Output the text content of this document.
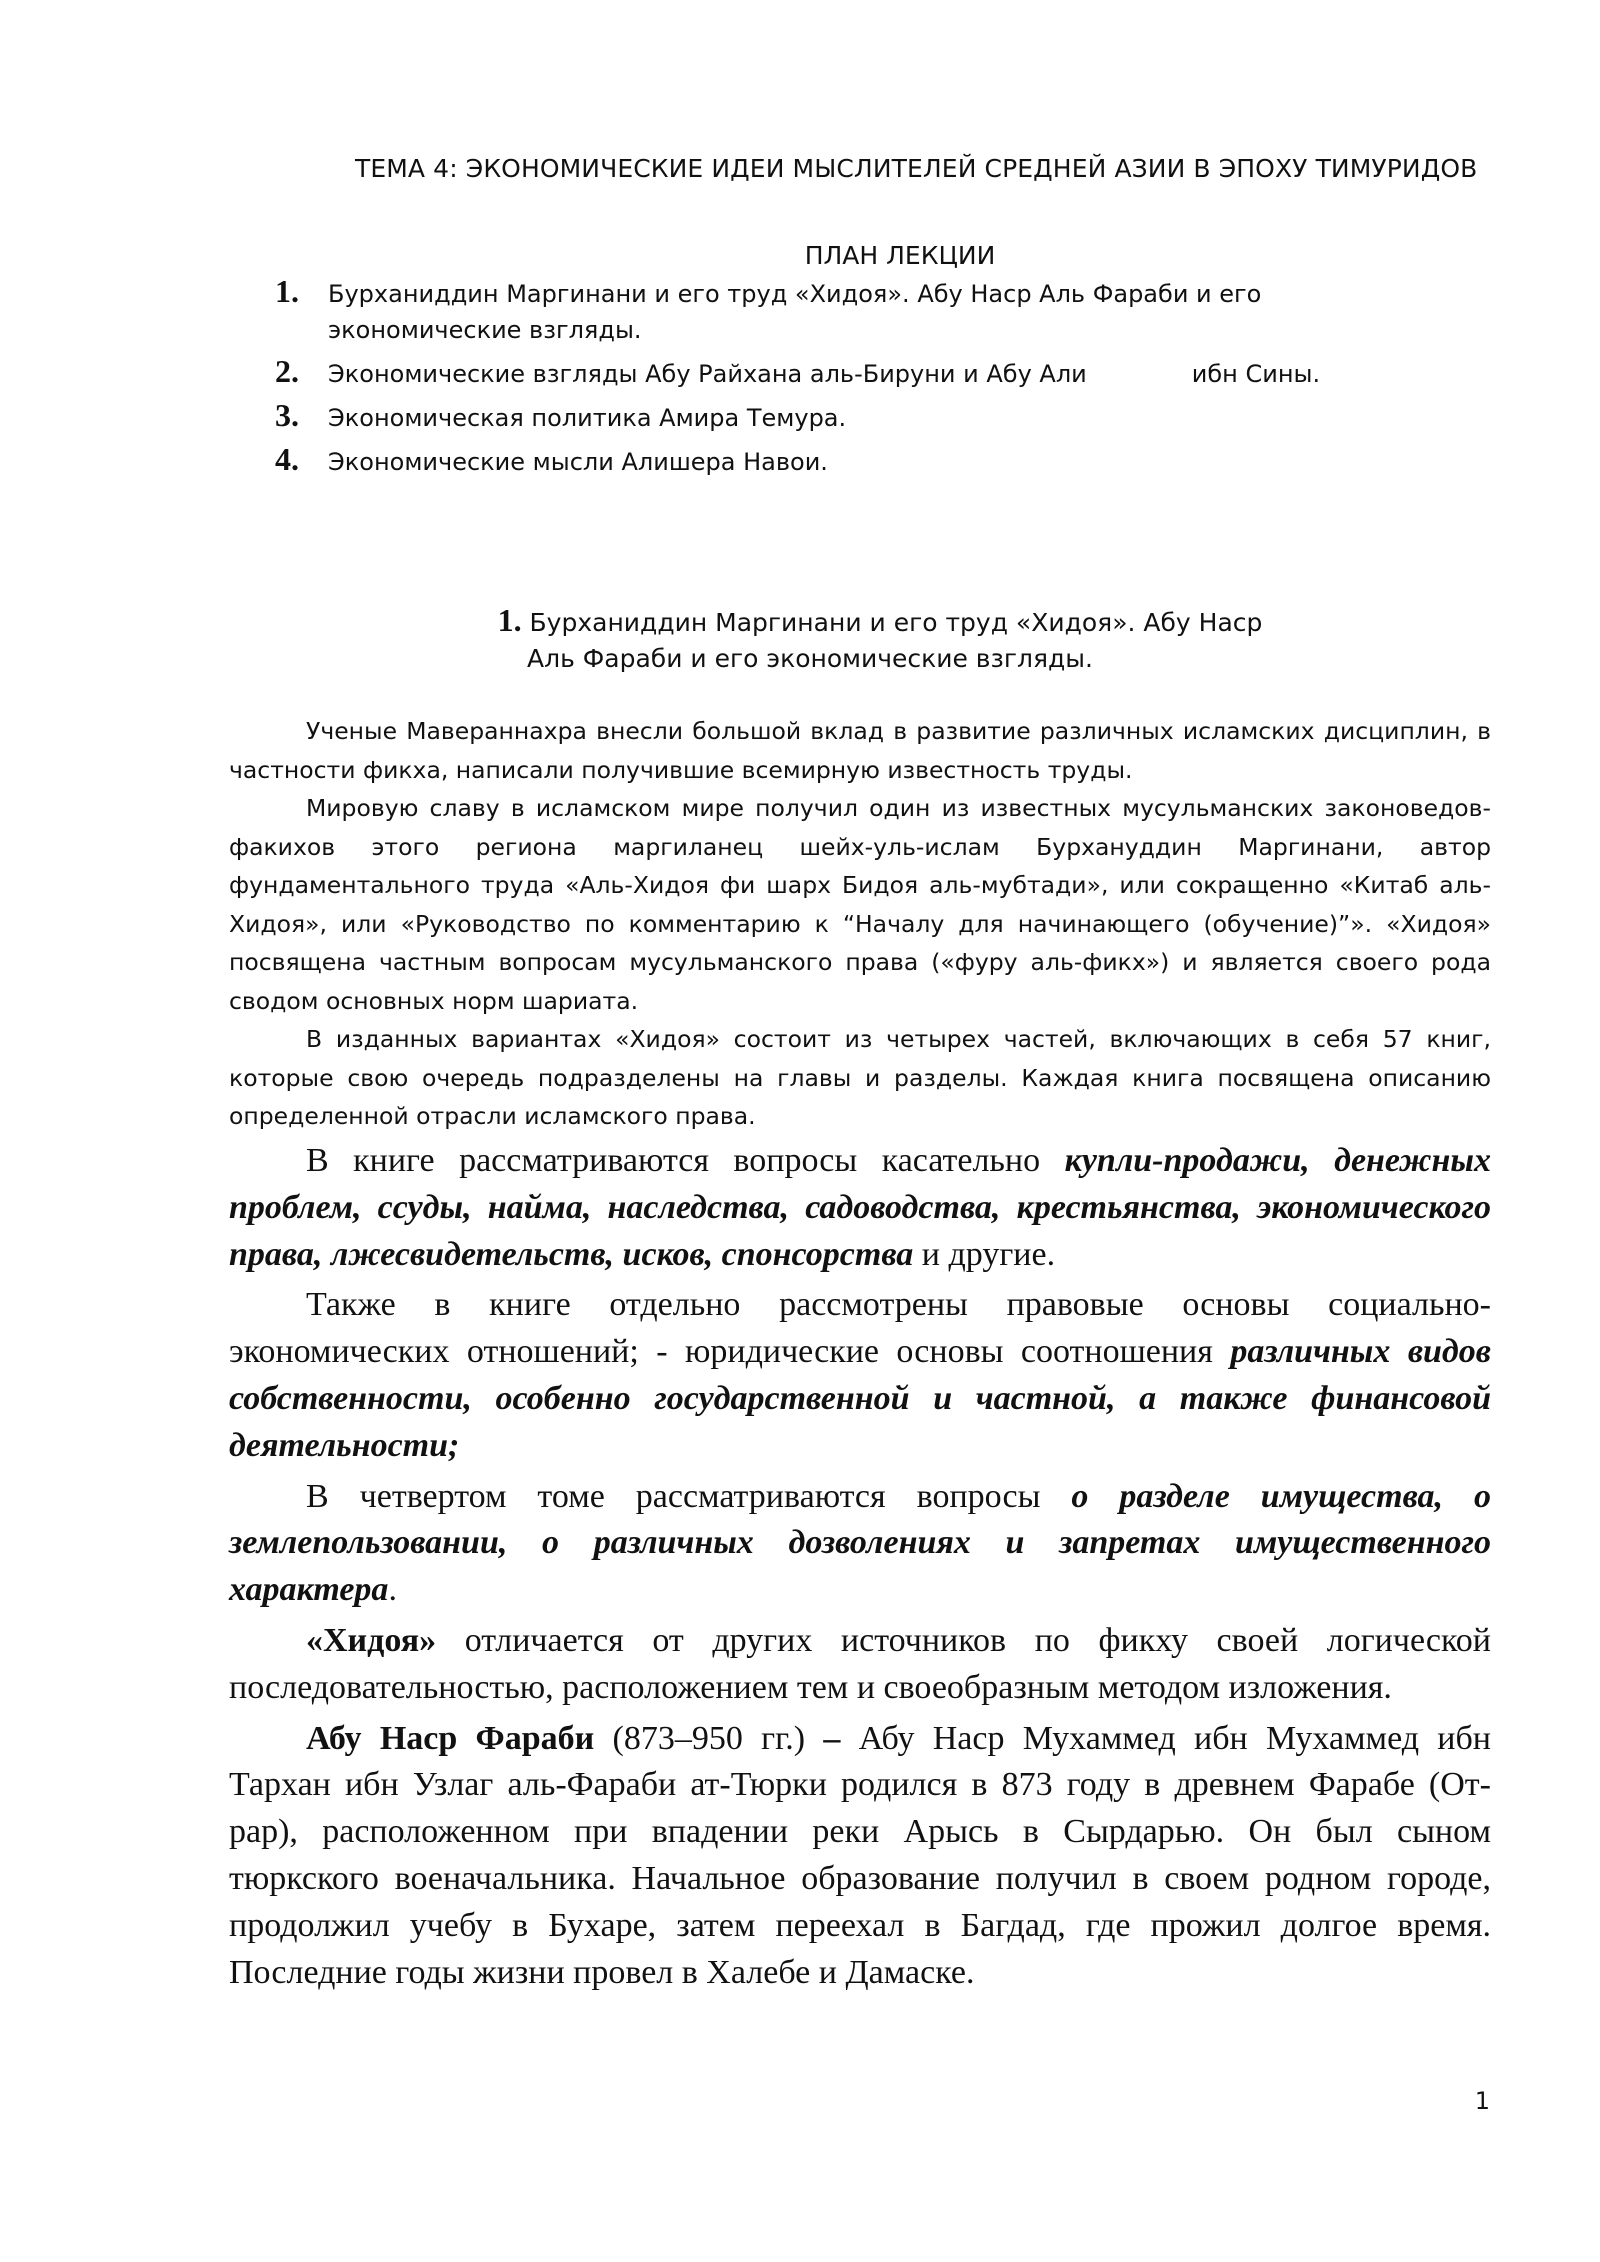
ТЕМА 4: ЭКОНОМИЧЕСКИЕ ИДЕИ МЫСЛИТЕЛЕЙ СРЕДНЕЙ АЗИИ В ЭПОХУ ТИМУРИДОВ
ПЛАН ЛЕКЦИИ
1. Бурханиддин Маргинани и его труд «Хидоя». Абу Наср Аль Фараби и его экономические взгляды.
2. Экономические взгляды Абу Райхана аль-Бируни и Абу Али	ибн Сины.
3. Экономическая политика Амира Темура.
4. Экономические мысли Алишера Навои.
1. Бурханиддин Маргинани и его труд «Хидоя». Абу Наср
Аль Фараби и его экономические взгляды.

Ученые Мавераннахра внесли большой вклад в развитие различных исламских дисциплин, в частности фикха, написали получившие всемирную известность труды.

Мировую славу в исламском мире получил один из известных мусульманских законоведов-факихов этого региона маргиланец шейх-уль-ислам Бурхануддин Маргинани, автор фундаментального труда «Аль-Хидоя фи шарх Бидоя аль-мубтади», или сокращенно «Китаб аль-Хидоя», или «Руководство по комментарию к “Началу для начинающего (обучение)”». «Хидоя» посвящена частным вопросам мусульманского права («фуру аль-фикх») и является своего рода сводом основных норм шариата.

В изданных вариантах «Хидоя» состоит из четырех частей, включающих в себя 57 книг, которые свою очередь подразделены на главы и разделы. Каждая книга посвящена описанию определенной отрасли исламского права.

В книге рассматриваются вопросы касательно купли-продажи, денежных проблем, ссуды, найма, наследства, садоводства, крестьянства, экономического права, лжесвидетельств, исков, спонсорства и другие.

Также в книге отдельно рассмотрены правовые основы социально-экономических отношений; - юридические основы соотношения различных видов собственности, особенно государственной и частной, а также финансовой деятельности;

В четвертом томе рассматриваются вопросы о разделе имущества, о землепользовании, о различных дозволениях и запретах имущественного характера.

«Хидоя» отличается от других источников по фикху своей логической последовательностью, расположением тем и своеобразным методом изложения.

Абу Наср Фараби (873–950 гг.) – Абу Наср Мухаммед ибн Мухаммед ибн Тархан ибн Узлаг аль-Фараби ат-Тюрки родился в 873 году в древнем Фарабе (От-рар), расположенном при впадении реки Арысь в Сырдарью. Он был сыном тюркского военачальника. Начальное образование получил в своем родном городе, продолжил учебу в Бухаре, затем переехал в Багдад, где прожил долгое время. Последние годы жизни провел в Халебе и Дамаске.

1
